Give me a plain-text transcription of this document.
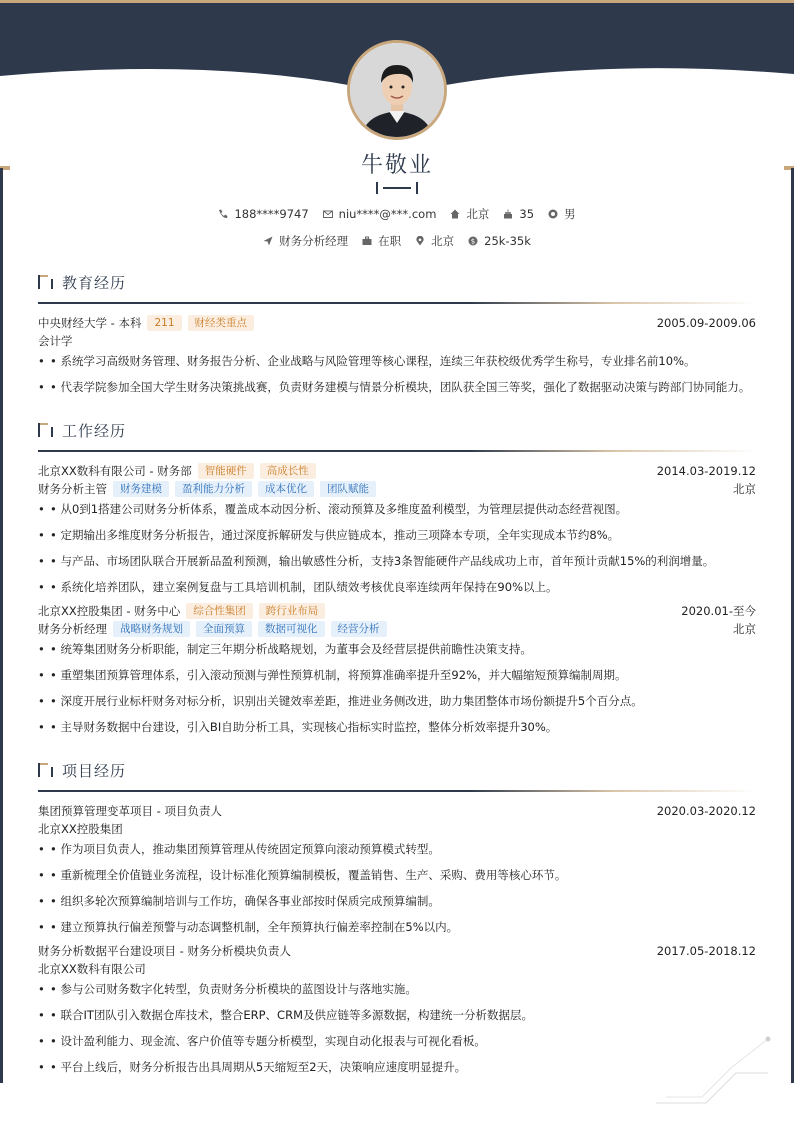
牛敬业
188****9747	niu****@***.com	北京	35	男
财务分析经理	在职	北京 $ 25k-35k
教育经历
中央财经大学 - 本科	211	财经类重点	2005.09-2009.06
会计学
• • 系统学习高级财务管理、财务报告分析、企业战略与风险管理等核心课程，连续三年获校级优秀学生称号，专业排名前10%。
• • 代表学院参加全国大学生财务决策挑战赛，负责财务建模与情景分析模块，团队获全国三等奖，强化了数据驱动决策与跨部门协同能力。
工作经历
北京XX数科有限公司 - 财务部	智能硬件	高成长性	2014.03-2019.12
财务分析主管	财务建模	盈利能力分析	成本优化	团队赋能	北京
• • 从0到1搭建公司财务分析体系，覆盖成本动因分析、滚动预算及多维度盈利模型，为管理层提供动态经营视图。
• • 定期输出多维度财务分析报告，通过深度拆解研发与供应链成本，推动三项降本专项，全年实现成本节约8%。
• • 与产品、市场团队联合开展新品盈利预测，输出敏感性分析，支持3条智能硬件产品线成功上市，首年预计贡献15%的利润增量。
• • 系统化培养团队，建立案例复盘与工具培训机制，团队绩效考核优良率连续两年保持在90%以上。
北京XX控股集团 - 财务中心	综合性集团	跨行业布局	2020.01-至今
财务分析经理	战略财务规划	全面预算	数据可视化	经营分析	北京
• • 统筹集团财务分析职能，制定三年期分析战略规划，为董事会及经营层提供前瞻性决策支持。
• • 重塑集团预算管理体系，引入滚动预测与弹性预算机制，将预算准确率提升至92%，并大幅缩短预算编制周期。
• • 深度开展行业标杆财务对标分析，识别出关键效率差距，推进业务侧改进，助力集团整体市场份额提升5个百分点。
• • 主导财务数据中台建设，引入BI自助分析工具，实现核心指标实时监控，整体分析效率提升30%。
项目经历
集团预算管理变革项目 - 项目负责人	2020.03-2020.12
北京XX控股集团
• • 作为项目负责人，推动集团预算管理从传统固定预算向滚动预算模式转型。
• • 重新梳理全价值链业务流程，设计标准化预算编制模板，覆盖销售、生产、采购、费用等核心环节。
• • 组织多轮次预算编制培训与工作坊，确保各事业部按时保质完成预算编制。
• • 建立预算执行偏差预警与动态调整机制，全年预算执行偏差率控制在5%以内。
财务分析数据平台建设项目 - 财务分析模块负责人	2017.05-2018.12
北京XX数科有限公司
• • 参与公司财务数字化转型，负责财务分析模块的蓝图设计与落地实施。
• • 联合IT团队引入数据仓库技术，整合ERP、CRM及供应链等多源数据，构建统一分析数据层。
• • 设计盈利能力、现金流、客户价值等专题分析模型，实现自动化报表与可视化看板。
• • 平台上线后，财务分析报告出具周期从5天缩短至2天，决策响应速度明显提升。
